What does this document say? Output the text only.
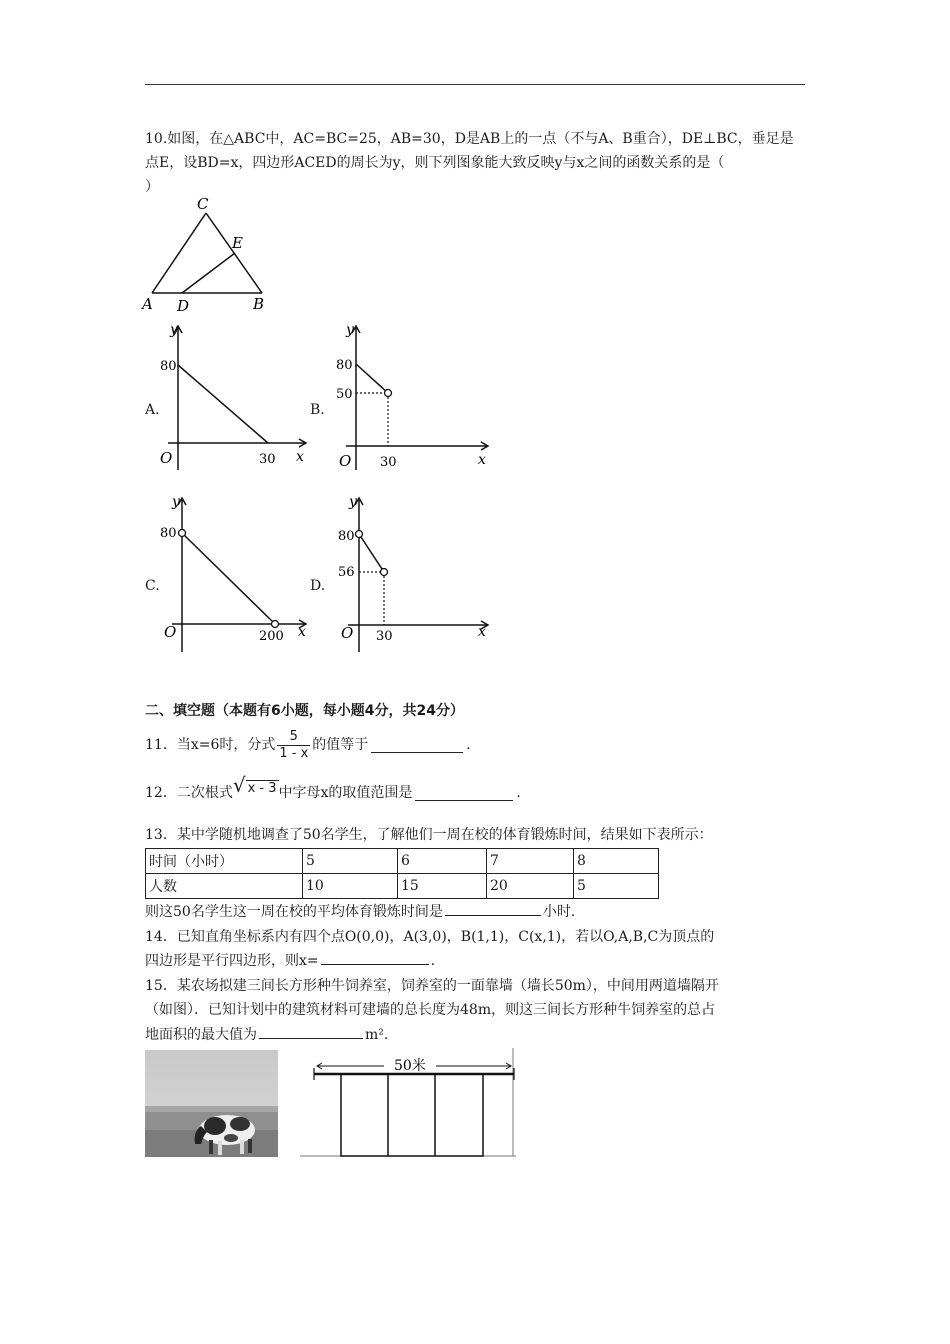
10.如图，在△ABC中，AC=BC=25，AB=30，D是AB上的一点（不与A、B重合），DE⊥BC，垂足是
点E，设BD=x，四边形ACED的周长为y，则下列图象能大致反映y与x之间的函数关系的是（
）
C
E
A D	B
A.
y
80
O	30 x
B.
y
80
50
O 30	x
C.
y
80
O	200 x
D.
y
80
56
O 30	x
二、填空题（本题有6小题，每小题4分，共24分）
11．当x=6时，分式 $\frac{5}{1 - x}$ 的值等于	.
12．二次根式 √ x - 3 中字母x的取值范围是	.
13．某中学随机地调查了50名学生，了解他们一周在校的体育锻炼时间，结果如下表所示：
时间（小时）	5	6	7	8
人数	10	15	20	5
则这50名学生这一周在校的平均体育锻炼时间是	小时.
14．已知直角坐标系内有四个点O(0,0)，A(3,0)，B(1,1)，C(x,1)，若以O,A,B,C为顶点的
四边形是平行四边形，则x=	.
15．某农场拟建三间长方形种牛饲养室，饲养室的一面靠墙（墙长50m），中间用两道墙隔开
（如图）．已知计划中的建筑材料可建墙的总长度为48m，则这三间长方形种牛饲养室的总占
地面积的最大值为	m².
50米
